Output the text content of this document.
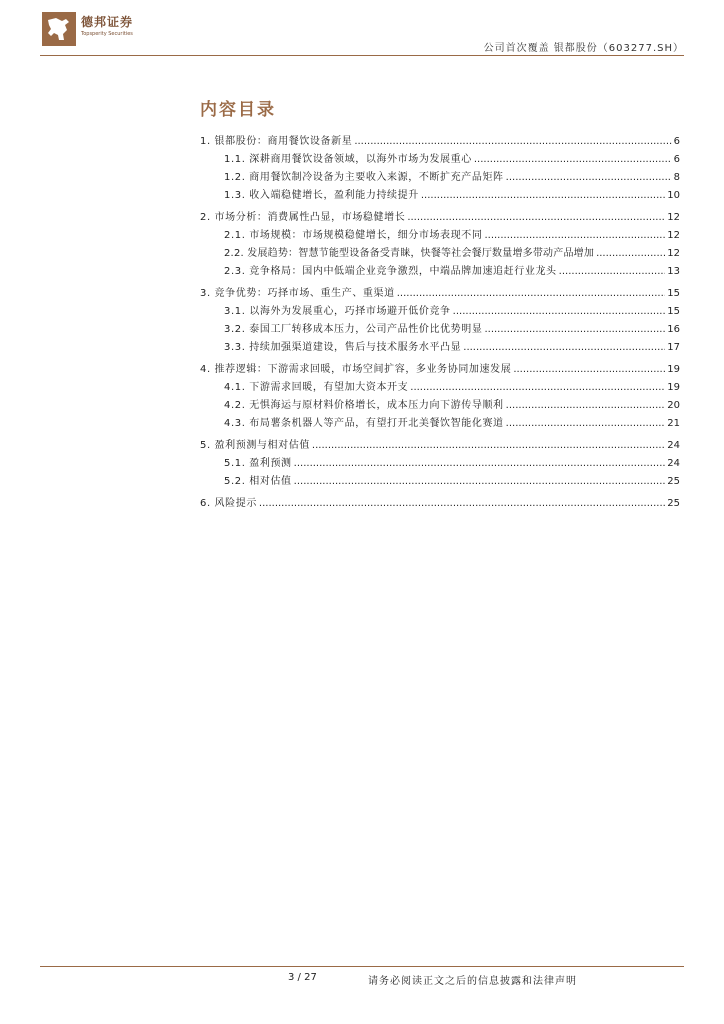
德邦证券
Topsperity Securities
公司首次覆盖 银都股份（603277.SH）
内容目录
1. 银都股份：商用餐饮设备新星 .....	6
1.1. 深耕商用餐饮设备领域，以海外市场为发展重心 .....	6
1.2. 商用餐饮制冷设备为主要收入来源，不断扩充产品矩阵 .....	8
1.3. 收入端稳健增长，盈利能力持续提升 .....	10
2. 市场分析：消费属性凸显，市场稳健增长 .....	12
2.1. 市场规模：市场规模稳健增长，细分市场表现不同 .....	12
2.2. 发展趋势：智慧节能型设备备受青睐，快餐等社会餐厅数量增多带动产品增加 .....	12
2.3. 竞争格局：国内中低端企业竞争激烈，中端品牌加速追赶行业龙头 .....	13
3. 竞争优势：巧择市场、重生产、重渠道 .....	15
3.1. 以海外为发展重心，巧择市场避开低价竞争 .....	15
3.2. 泰国工厂转移成本压力，公司产品性价比优势明显 .....	16
3.3. 持续加强渠道建设，售后与技术服务水平凸显 .....	17
4. 推荐逻辑：下游需求回暖，市场空间扩容，多业务协同加速发展 .....	19
4.1. 下游需求回暖，有望加大资本开支 .....	19
4.2. 无惧海运与原材料价格增长，成本压力向下游传导顺利 .....	20
4.3. 布局薯条机器人等产品，有望打开北美餐饮智能化赛道 .....	21
5. 盈利预测与相对估值 .....	24
5.1. 盈利预测 .....	24
5.2. 相对估值 .....	25
6. 风险提示 .....	25
3 / 27	请务必阅读正文之后的信息披露和法律声明
